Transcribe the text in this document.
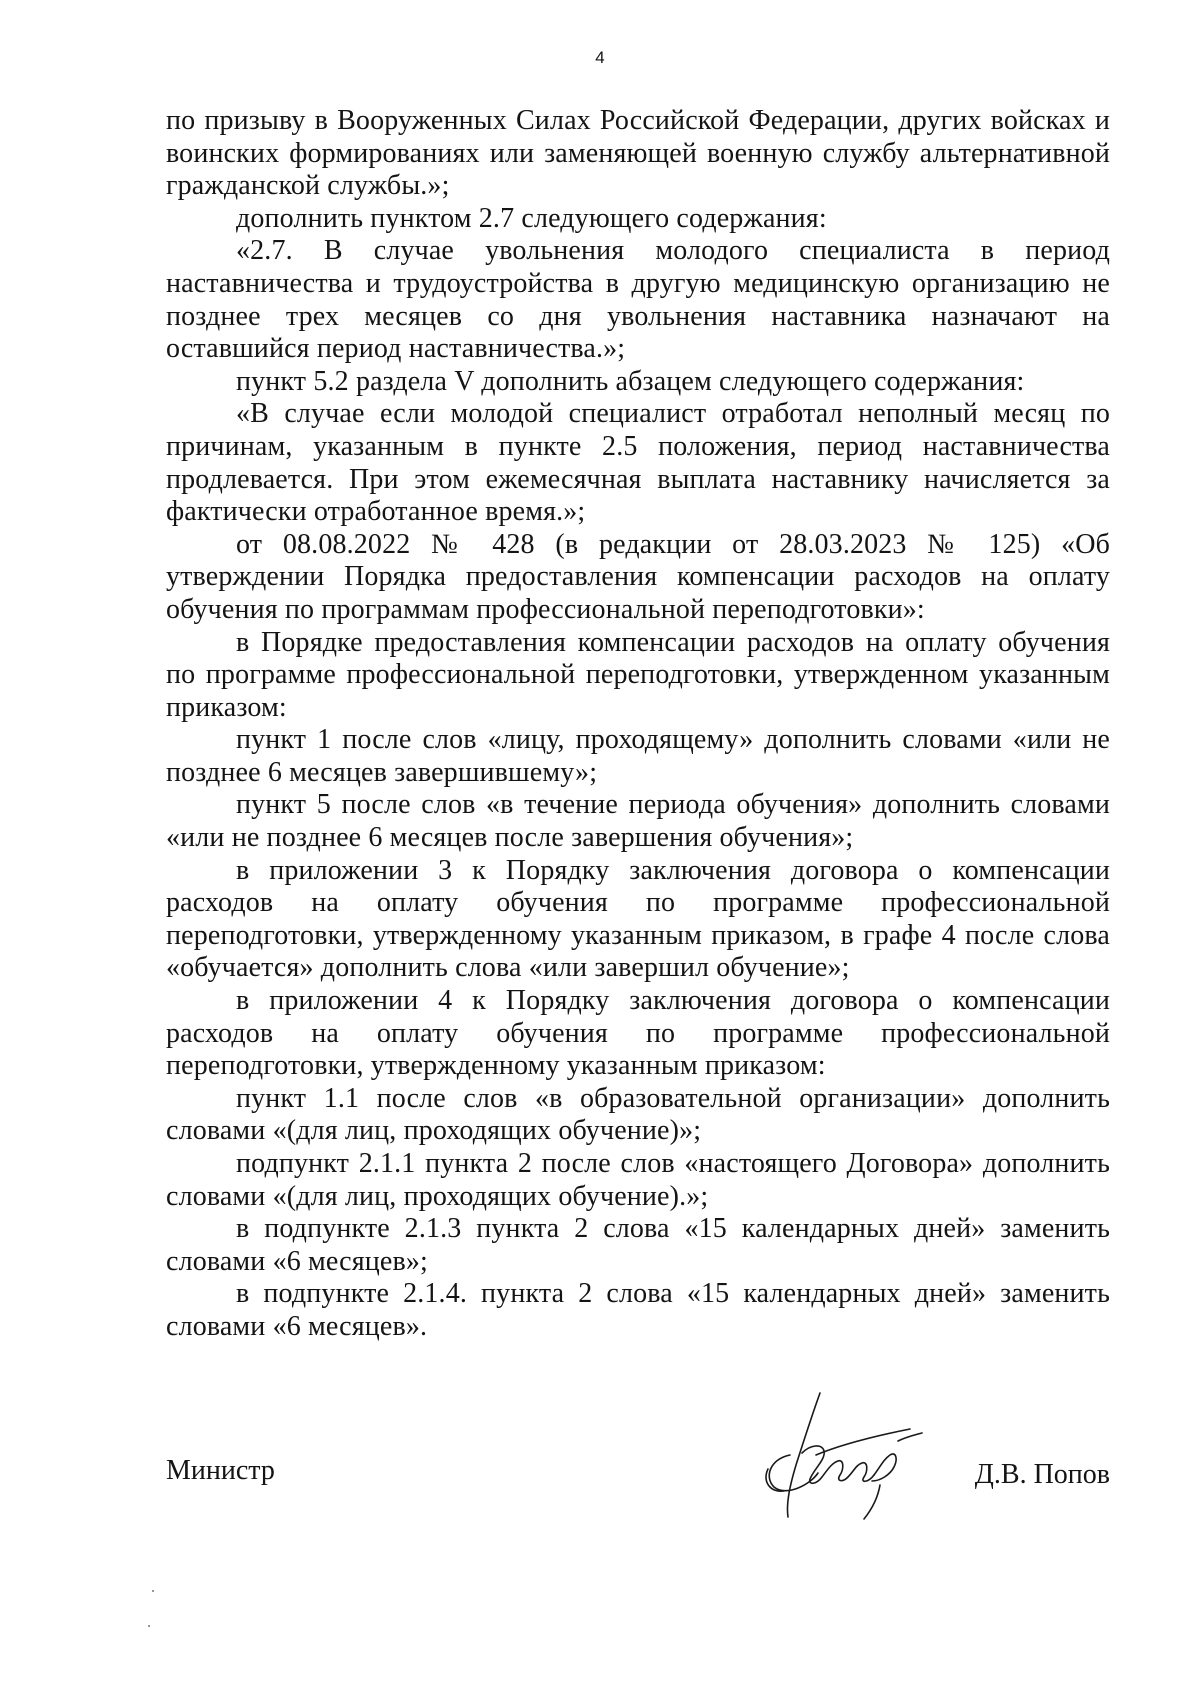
4

по призыву в Вооруженных Силах Российской Федерации, других войсках и воинских формированиях или заменяющей военную службу альтернативной гражданской службы.»;

дополнить пунктом 2.7 следующего содержания:

«2.7. В случае увольнения молодого специалиста в период наставничества и трудоустройства в другую медицинскую организацию не позднее трех месяцев со дня увольнения наставника назначают на оставшийся период наставничества.»;

пункт 5.2 раздела V дополнить абзацем следующего содержания:

«В случае если молодой специалист отработал неполный месяц по причинам, указанным в пункте 2.5 положения, период наставничества продлевается. При этом ежемесячная выплата наставнику начисляется за фактически отработанное время.»;

от 08.08.2022 № 428 (в редакции от 28.03.2023 № 125) «Об утверждении Порядка предоставления компенсации расходов на оплату обучения по программам профессиональной переподготовки»:

в Порядке предоставления компенсации расходов на оплату обучения по программе профессиональной переподготовки, утвержденном указанным приказом:

пункт 1 после слов «лицу, проходящему» дополнить словами «или не позднее 6 месяцев завершившему»;

пункт 5 после слов «в течение периода обучения» дополнить словами «или не позднее 6 месяцев после завершения обучения»;

в приложении 3 к Порядку заключения договора о компенсации расходов на оплату обучения по программе профессиональной переподготовки, утвержденному указанным приказом, в графе 4 после слова «обучается» дополнить слова «или завершил обучение»;

в приложении 4 к Порядку заключения договора о компенсации расходов на оплату обучения по программе профессиональной переподготовки, утвержденному указанным приказом:

пункт 1.1 после слов «в образовательной организации» дополнить словами «(для лиц, проходящих обучение)»;

подпункт 2.1.1 пункта 2 после слов «настоящего Договора» дополнить словами «(для лиц, проходящих обучение).»;

в подпункте 2.1.3 пункта 2 слова «15 календарных дней» заменить словами «6 месяцев»;

в подпункте 2.1.4. пункта 2 слова «15 календарных дней» заменить словами «6 месяцев».

Министр	Д.В. Попов
